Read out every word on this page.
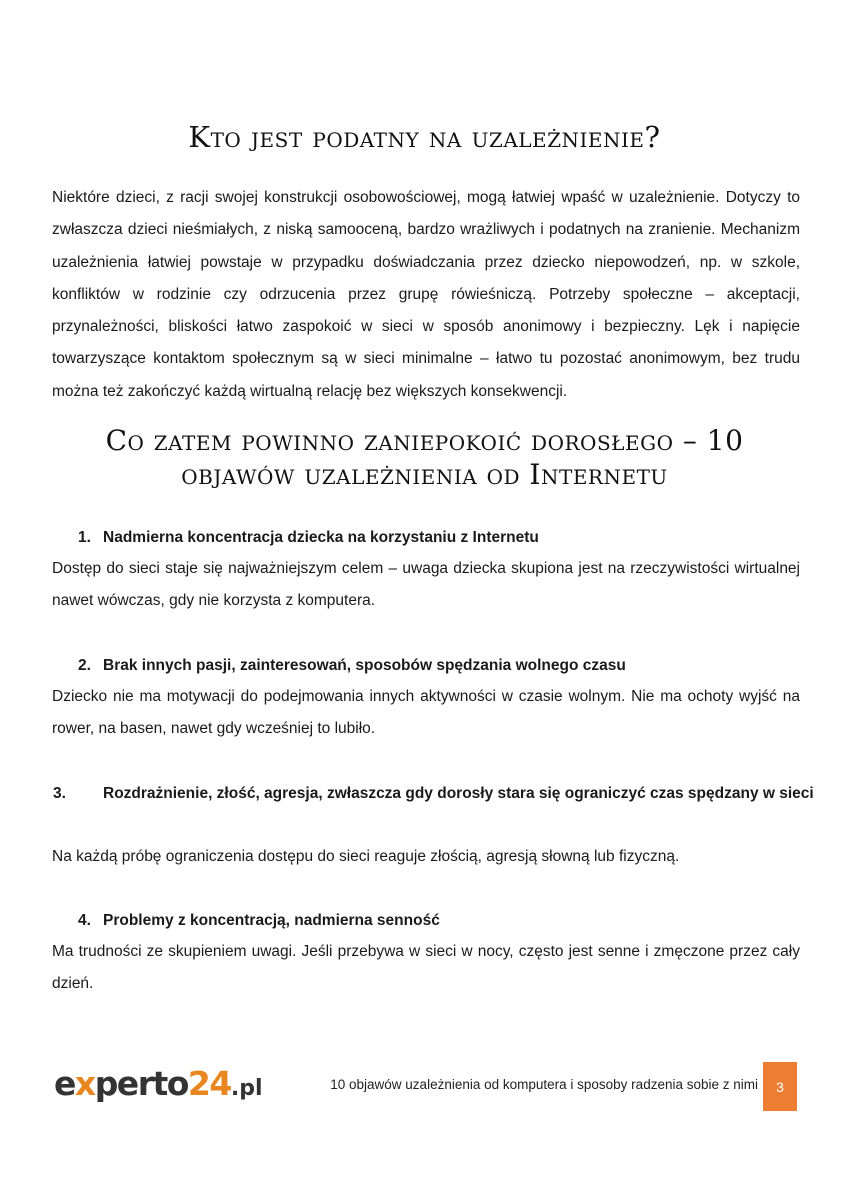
Kto jest podatny na uzależnienie?

Niektóre dzieci, z racji swojej konstrukcji osobowościowej, mogą łatwiej wpaść w uzależnienie. Dotyczy to zwłaszcza dzieci nieśmiałych, z niską samooceną, bardzo wrażliwych i podatnych na zranienie. Mechanizm uzależnienia łatwiej powstaje w przypadku doświadczania przez dziecko niepowodzeń, np. w szkole, konfliktów w rodzinie czy odrzucenia przez grupę rówieśniczą. Potrzeby społeczne – akceptacji, przynależności, bliskości łatwo zaspokoić w sieci w sposób anonimowy i bezpieczny. Lęk i napięcie towarzyszące kontaktom społecznym są w sieci minimalne – łatwo tu pozostać anonimowym, bez trudu można też zakończyć każdą wirtualną relację bez większych konsekwencji.

Co zatem powinno zaniepokoić dorosłego – 10
objawów uzależnienia od Internetu
1. Nadmierna koncentracja dziecka na korzystaniu z Internetu

Dostęp do sieci staje się najważniejszym celem – uwaga dziecka skupiona jest na rzeczywistości wirtualnej nawet wówczas, gdy nie korzysta z komputera.

2. Brak innych pasji, zainteresowań, sposobów spędzania wolnego czasu

Dziecko nie ma motywacji do podejmowania innych aktywności w czasie wolnym. Nie ma ochoty wyjść na rower, na basen, nawet gdy wcześniej to lubiło.

3. Rozdrażnienie, złość, agresja, zwłaszcza gdy dorosły stara się ograniczyć czas spędzany w sieci

Na każdą próbę ograniczenia dostępu do sieci reaguje złością, agresją słowną lub fizyczną.

4. Problemy z koncentracją, nadmierna senność

Ma trudności ze skupieniem uwagi. Jeśli przebywa w sieci w nocy, często jest senne i zmęczone przez cały dzień.

experto24.pl	10 objawów uzależnienia od komputera i sposoby radzenia sobie z nimi	3
